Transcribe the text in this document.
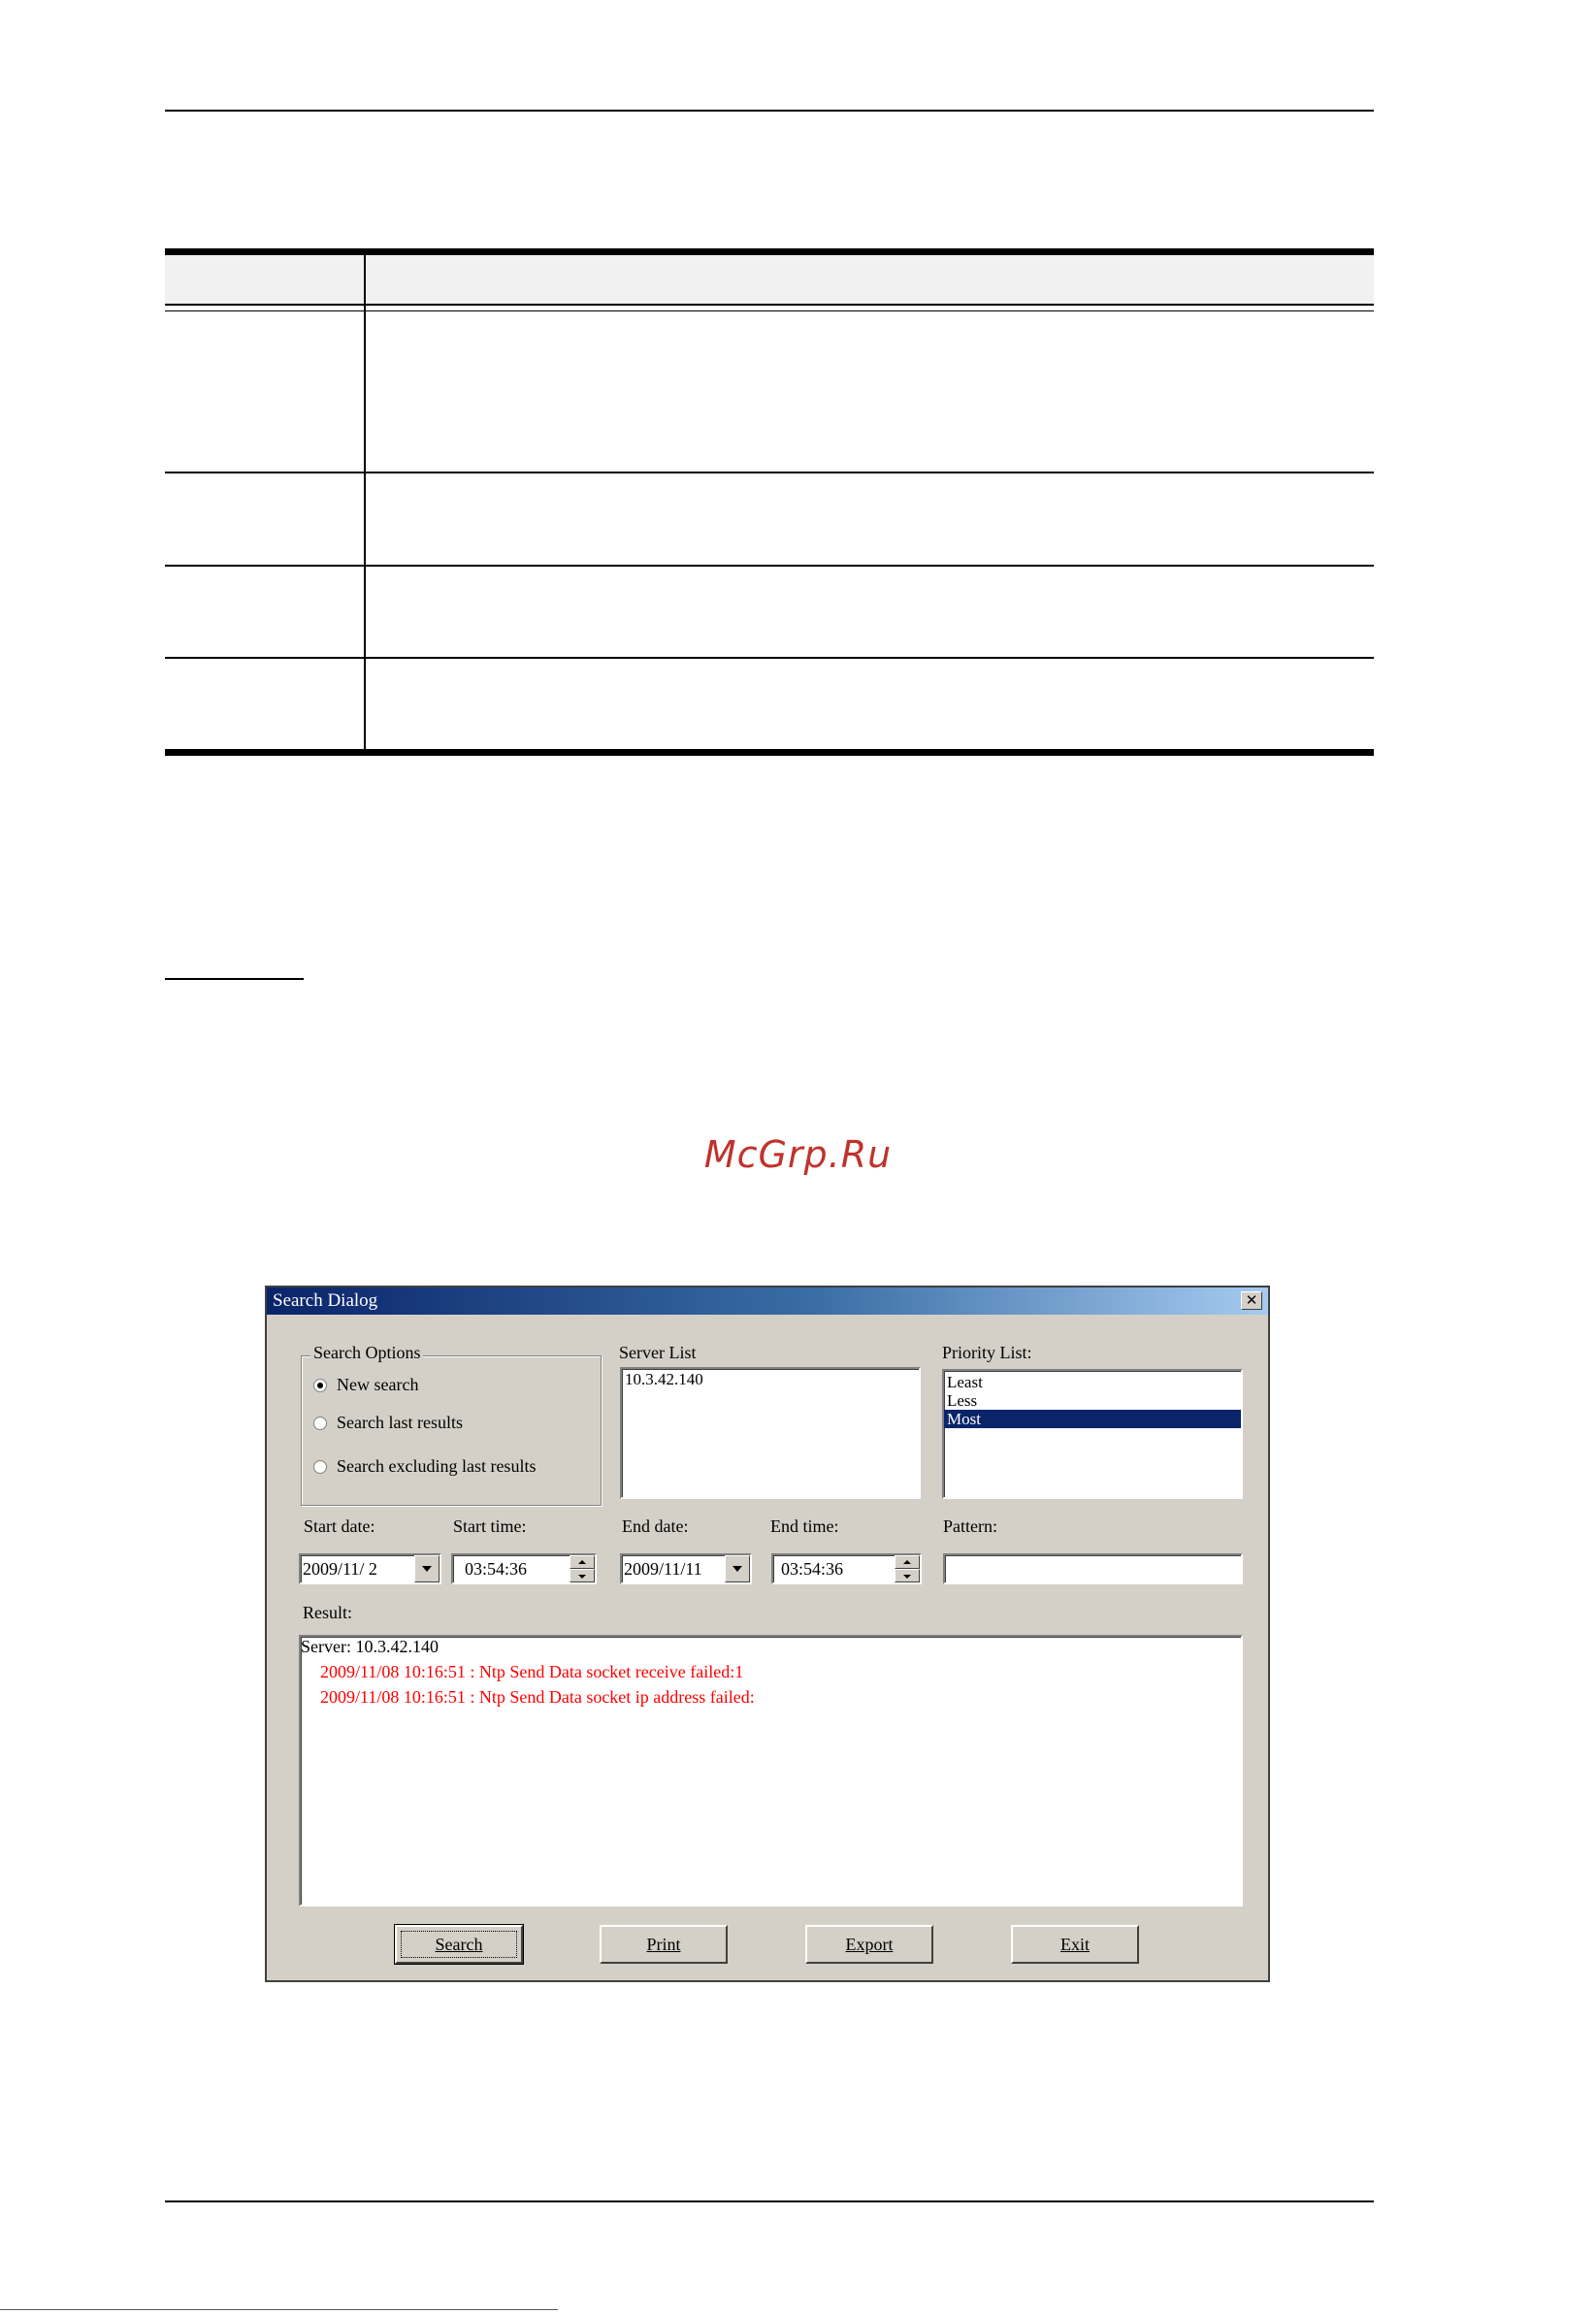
McGrp.Ru
Search Dialog	✕
Search Options
New search
Search last results
Search excluding last results
Server List
10.3.42.140
Priority List:
Least
Less
Most
Start date:	Start time:	End date:	End time:	Pattern:
2009/11/ 2	03:54:36	2009/11/11	03:54:36
Result:
Server: 10.3.42.140
2009/11/08 10:16:51 : Ntp Send Data socket receive failed:1
2009/11/08 10:16:51 : Ntp Send Data socket ip address failed:
Search	Print	Export	Exit
